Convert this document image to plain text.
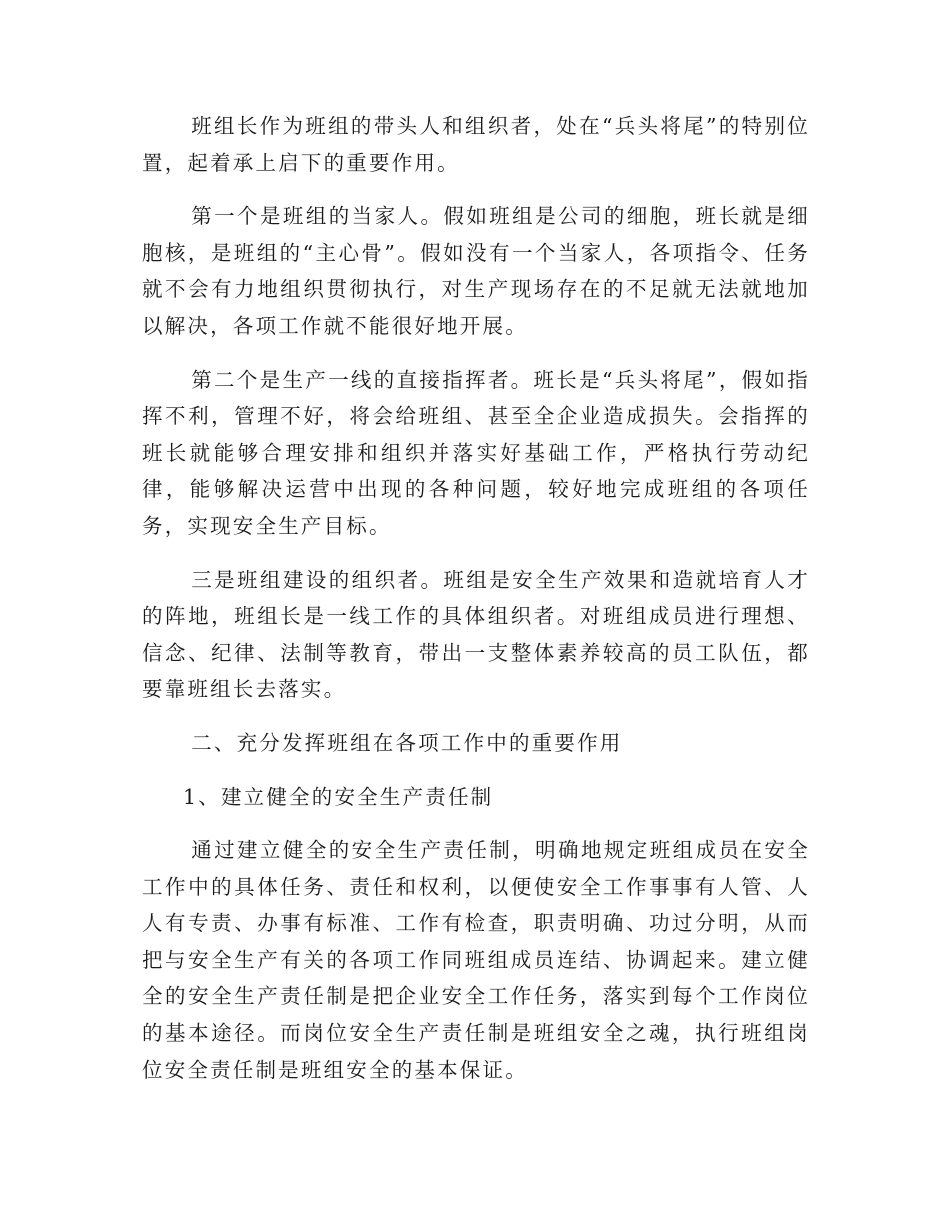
班组长作为班组的带头人和组织者，处在“兵头将尾”的特别位置，起着承上启下的重要作用。

第一个是班组的当家人。假如班组是公司的细胞，班长就是细胞核，是班组的“主心骨”。假如没有一个当家人，各项指令、任务就不会有力地组织贯彻执行，对生产现场存在的不足就无法就地加以解决，各项工作就不能很好地开展。

第二个是生产一线的直接指挥者。班长是“兵头将尾”，假如指挥不利，管理不好，将会给班组、甚至全企业造成损失。会指挥的班长就能够合理安排和组织并落实好基础工作，严格执行劳动纪律，能够解决运营中出现的各种问题，较好地完成班组的各项任务，实现安全生产目标。

三是班组建设的组织者。班组是安全生产效果和造就培育人才的阵地，班组长是一线工作的具体组织者。对班组成员进行理想、信念、纪律、法制等教育，带出一支整体素养较高的员工队伍，都要靠班组长去落实。

二、充分发挥班组在各项工作中的重要作用

1、建立健全的安全生产责任制

通过建立健全的安全生产责任制，明确地规定班组成员在安全工作中的具体任务、责任和权利，以便使安全工作事事有人管、人人有专责、办事有标准、工作有检查，职责明确、功过分明，从而把与安全生产有关的各项工作同班组成员连结、协调起来。建立健全的安全生产责任制是把企业安全工作任务，落实到每个工作岗位的基本途径。而岗位安全生产责任制是班组安全之魂，执行班组岗位安全责任制是班组安全的基本保证。
